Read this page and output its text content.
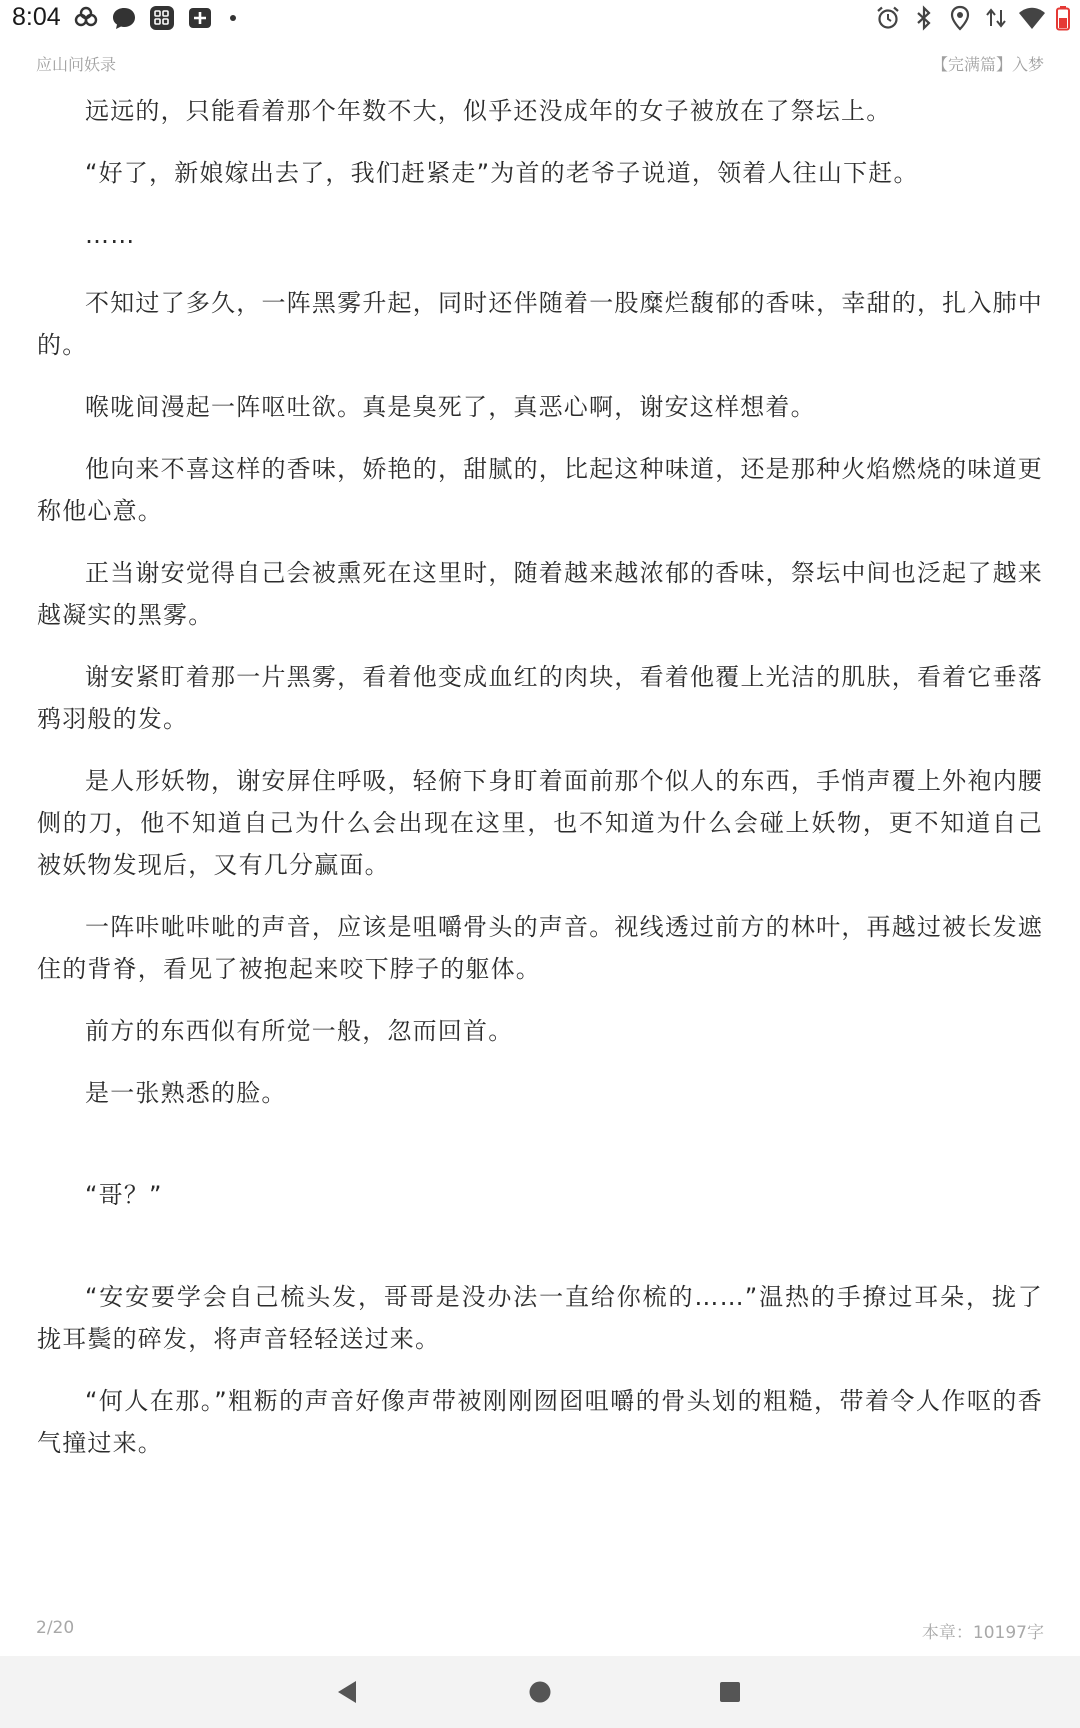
8:04
应山问妖录	【完满篇】入梦

远远的，只能看着那个年数不大，似乎还没成年的女子被放在了祭坛上。

“好了，新娘嫁出去了，我们赶紧走”为首的老爷子说道，领着人往山下赶。

……

不知过了多久，一阵黑雾升起，同时还伴随着一股糜烂馥郁的香味，幸甜的，扎入肺中的。

喉咙间漫起一阵呕吐欲。真是臭死了，真恶心啊，谢安这样想着。

他向来不喜这样的香味，娇艳的，甜腻的，比起这种味道，还是那种火焰燃烧的味道更称他心意。

正当谢安觉得自己会被熏死在这里时，随着越来越浓郁的香味，祭坛中间也泛起了越来越凝实的黑雾。

谢安紧盯着那一片黑雾，看着他变成血红的肉块，看着他覆上光洁的肌肤，看着它垂落鸦羽般的发。

是人形妖物，谢安屏住呼吸，轻俯下身盯着面前那个似人的东西，手悄声覆上外袍内腰侧的刀，他不知道自己为什么会出现在这里，也不知道为什么会碰上妖物，更不知道自己被妖物发现后，又有几分赢面。

一阵咔呲咔呲的声音，应该是咀嚼骨头的声音。视线透过前方的林叶，再越过被长发遮住的背脊，看见了被抱起来咬下脖子的躯体。

前方的东西似有所觉一般，忽而回首。

是一张熟悉的脸。

“哥？”

“安安要学会自己梳头发，哥哥是没办法一直给你梳的……”温热的手撩过耳朵，拢了拢耳鬓的碎发，将声音轻轻送过来。

“何人在那。”粗粝的声音好像声带被刚刚囫囵咀嚼的骨头划的粗糙，带着令人作呕的香气撞过来。

2/20	本章：10197字
